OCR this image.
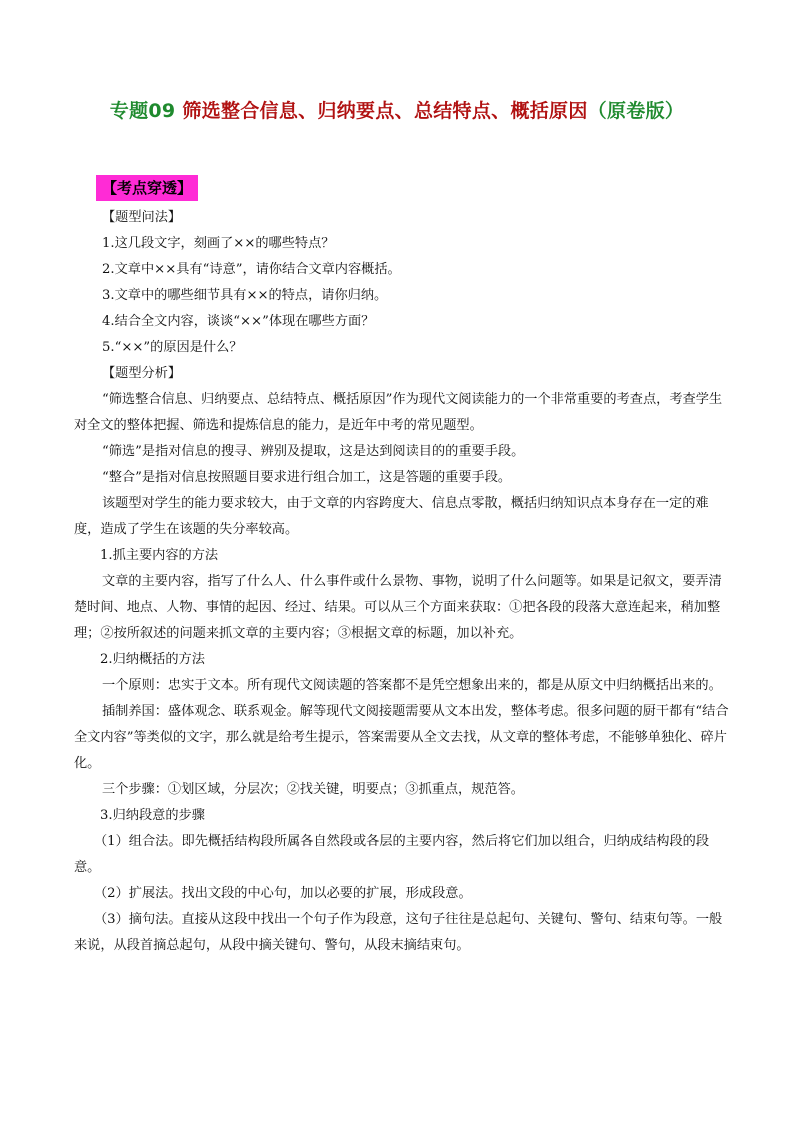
专题09 筛选整合信息、归纳要点、总结特点、概括原因（原卷版）
【考点穿透】

【题型问法】

1.这几段文字，刻画了××的哪些特点？

2.文章中××具有“诗意”，请你结合文章内容概括。

3.文章中的哪些细节具有××的特点，请你归纳。

4.结合全文内容，谈谈“××”体现在哪些方面？

5.“××”的原因是什么？

【题型分析】

“筛选整合信息、归纳要点、总结特点、概括原因”作为现代文阅读能力的一个非常重要的考查点，考查学生对全文的整体把握、筛选和提炼信息的能力，是近年中考的常见题型。

“筛选”是指对信息的搜寻、辨别及提取，这是达到阅读目的的重要手段。

“整合”是指对信息按照题目要求进行组合加工，这是答题的重要手段。

该题型对学生的能力要求较大，由于文章的内容跨度大、信息点零散，概括归纳知识点本身存在一定的难度，造成了学生在该题的失分率较高。

1.抓主要内容的方法

文章的主要内容，指写了什么人、什么事件或什么景物、事物，说明了什么问题等。如果是记叙文，要弄清楚时间、地点、人物、事情的起因、经过、结果。可以从三个方面来获取：①把各段的段落大意连起来，稍加整理；②按所叙述的问题来抓文章的主要内容；③根据文章的标题，加以补充。

2.归纳概括的方法

一个原则：忠实于文本。所有现代文阅读题的答案都不是凭空想象出来的，都是从原文中归纳概括出来的。

插制养国：盛体观念、联系观金。解等现代文阅接题需要从文本出发，整体考虑。很多问题的厨干都有“结合全文内容”等类似的文字，那么就是给考生提示，答案需要从全文去找，从文章的整体考虑，不能够单独化、碎片化。

三个步骤：①划区域，分层次；②找关键，明要点；③抓重点，规范答。

3.归纳段意的步骤

（1）组合法。即先概括结构段所属各自然段或各层的主要内容，然后将它们加以组合，归纳成结构段的段意。

（2）扩展法。找出文段的中心句，加以必要的扩展，形成段意。

（3）摘句法。直接从这段中找出一个句子作为段意，这句子往往是总起句、关键句、警句、结束句等。一般来说，从段首摘总起句，从段中摘关键句、警句，从段末摘结束句。
